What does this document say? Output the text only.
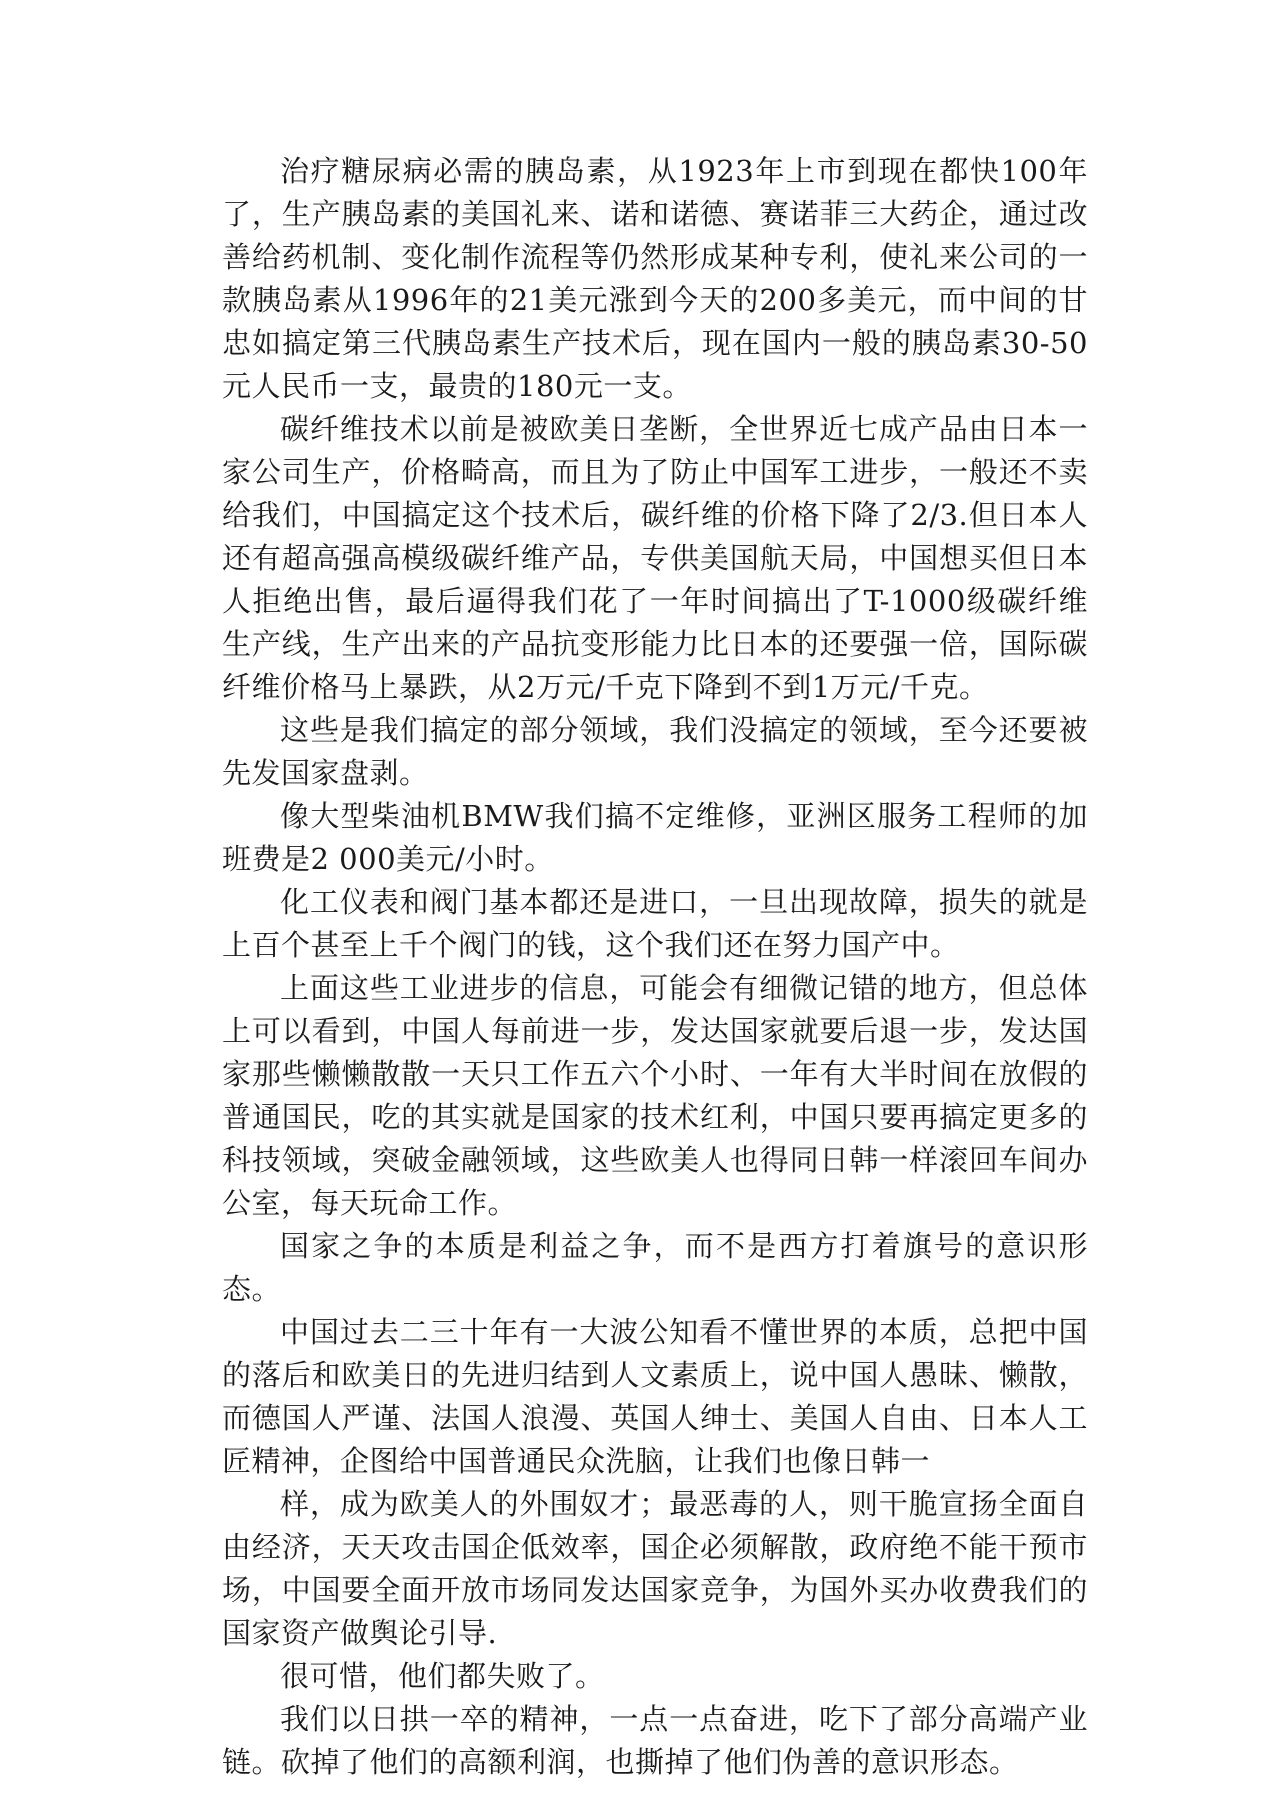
治疗糖尿病必需的胰岛素，从1923年上市到现在都快100年了，生产胰岛素的美国礼来、诺和诺德、赛诺菲三大药企，通过改善给药机制、变化制作流程等仍然形成某种专利，使礼来公司的一款胰岛素从1996年的21美元涨到今天的200多美元，而中间的甘忠如搞定第三代胰岛素生产技术后，现在国内一般的胰岛素30-50元人民币一支，最贵的180元一支。

碳纤维技术以前是被欧美日垄断，全世界近七成产品由日本一家公司生产，价格畸高，而且为了防止中国军工进步，一般还不卖给我们，中国搞定这个技术后，碳纤维的价格下降了2/3.但日本人还有超高强高模级碳纤维产品，专供美国航天局，中国想买但日本人拒绝出售，最后逼得我们花了一年时间搞出了T-1000级碳纤维生产线，生产出来的产品抗变形能力比日本的还要强一倍，国际碳纤维价格马上暴跌，从2万元/千克下降到不到1万元/千克。

这些是我们搞定的部分领域，我们没搞定的领域，至今还要被先发国家盘剥。

像大型柴油机BMW我们搞不定维修，亚洲区服务工程师的加班费是2 000美元/小时。

化工仪表和阀门基本都还是进口，一旦出现故障，损失的就是上百个甚至上千个阀门的钱，这个我们还在努力国产中。

上面这些工业进步的信息，可能会有细微记错的地方，但总体上可以看到，中国人每前进一步，发达国家就要后退一步，发达国家那些懒懒散散一天只工作五六个小时、一年有大半时间在放假的普通国民，吃的其实就是国家的技术红利，中国只要再搞定更多的科技领域，突破金融领域，这些欧美人也得同日韩一样滚回车间办公室，每天玩命工作。

国家之争的本质是利益之争，而不是西方打着旗号的意识形态。

中国过去二三十年有一大波公知看不懂世界的本质，总把中国的落后和欧美日的先进归结到人文素质上，说中国人愚昧、懒散，而德国人严谨、法国人浪漫、英国人绅士、美国人自由、日本人工匠精神，企图给中国普通民众洗脑，让我们也像日韩一

样，成为欧美人的外围奴才；最恶毒的人，则干脆宣扬全面自由经济，天天攻击国企低效率，国企必须解散，政府绝不能干预市场，中国要全面开放市场同发达国家竞争，为国外买办收费我们的国家资产做舆论引导.

很可惜，他们都失败了。

我们以日拱一卒的精神，一点一点奋进，吃下了部分高端产业链。砍掉了他们的高额利润，也撕掉了他们伪善的意识形态。
